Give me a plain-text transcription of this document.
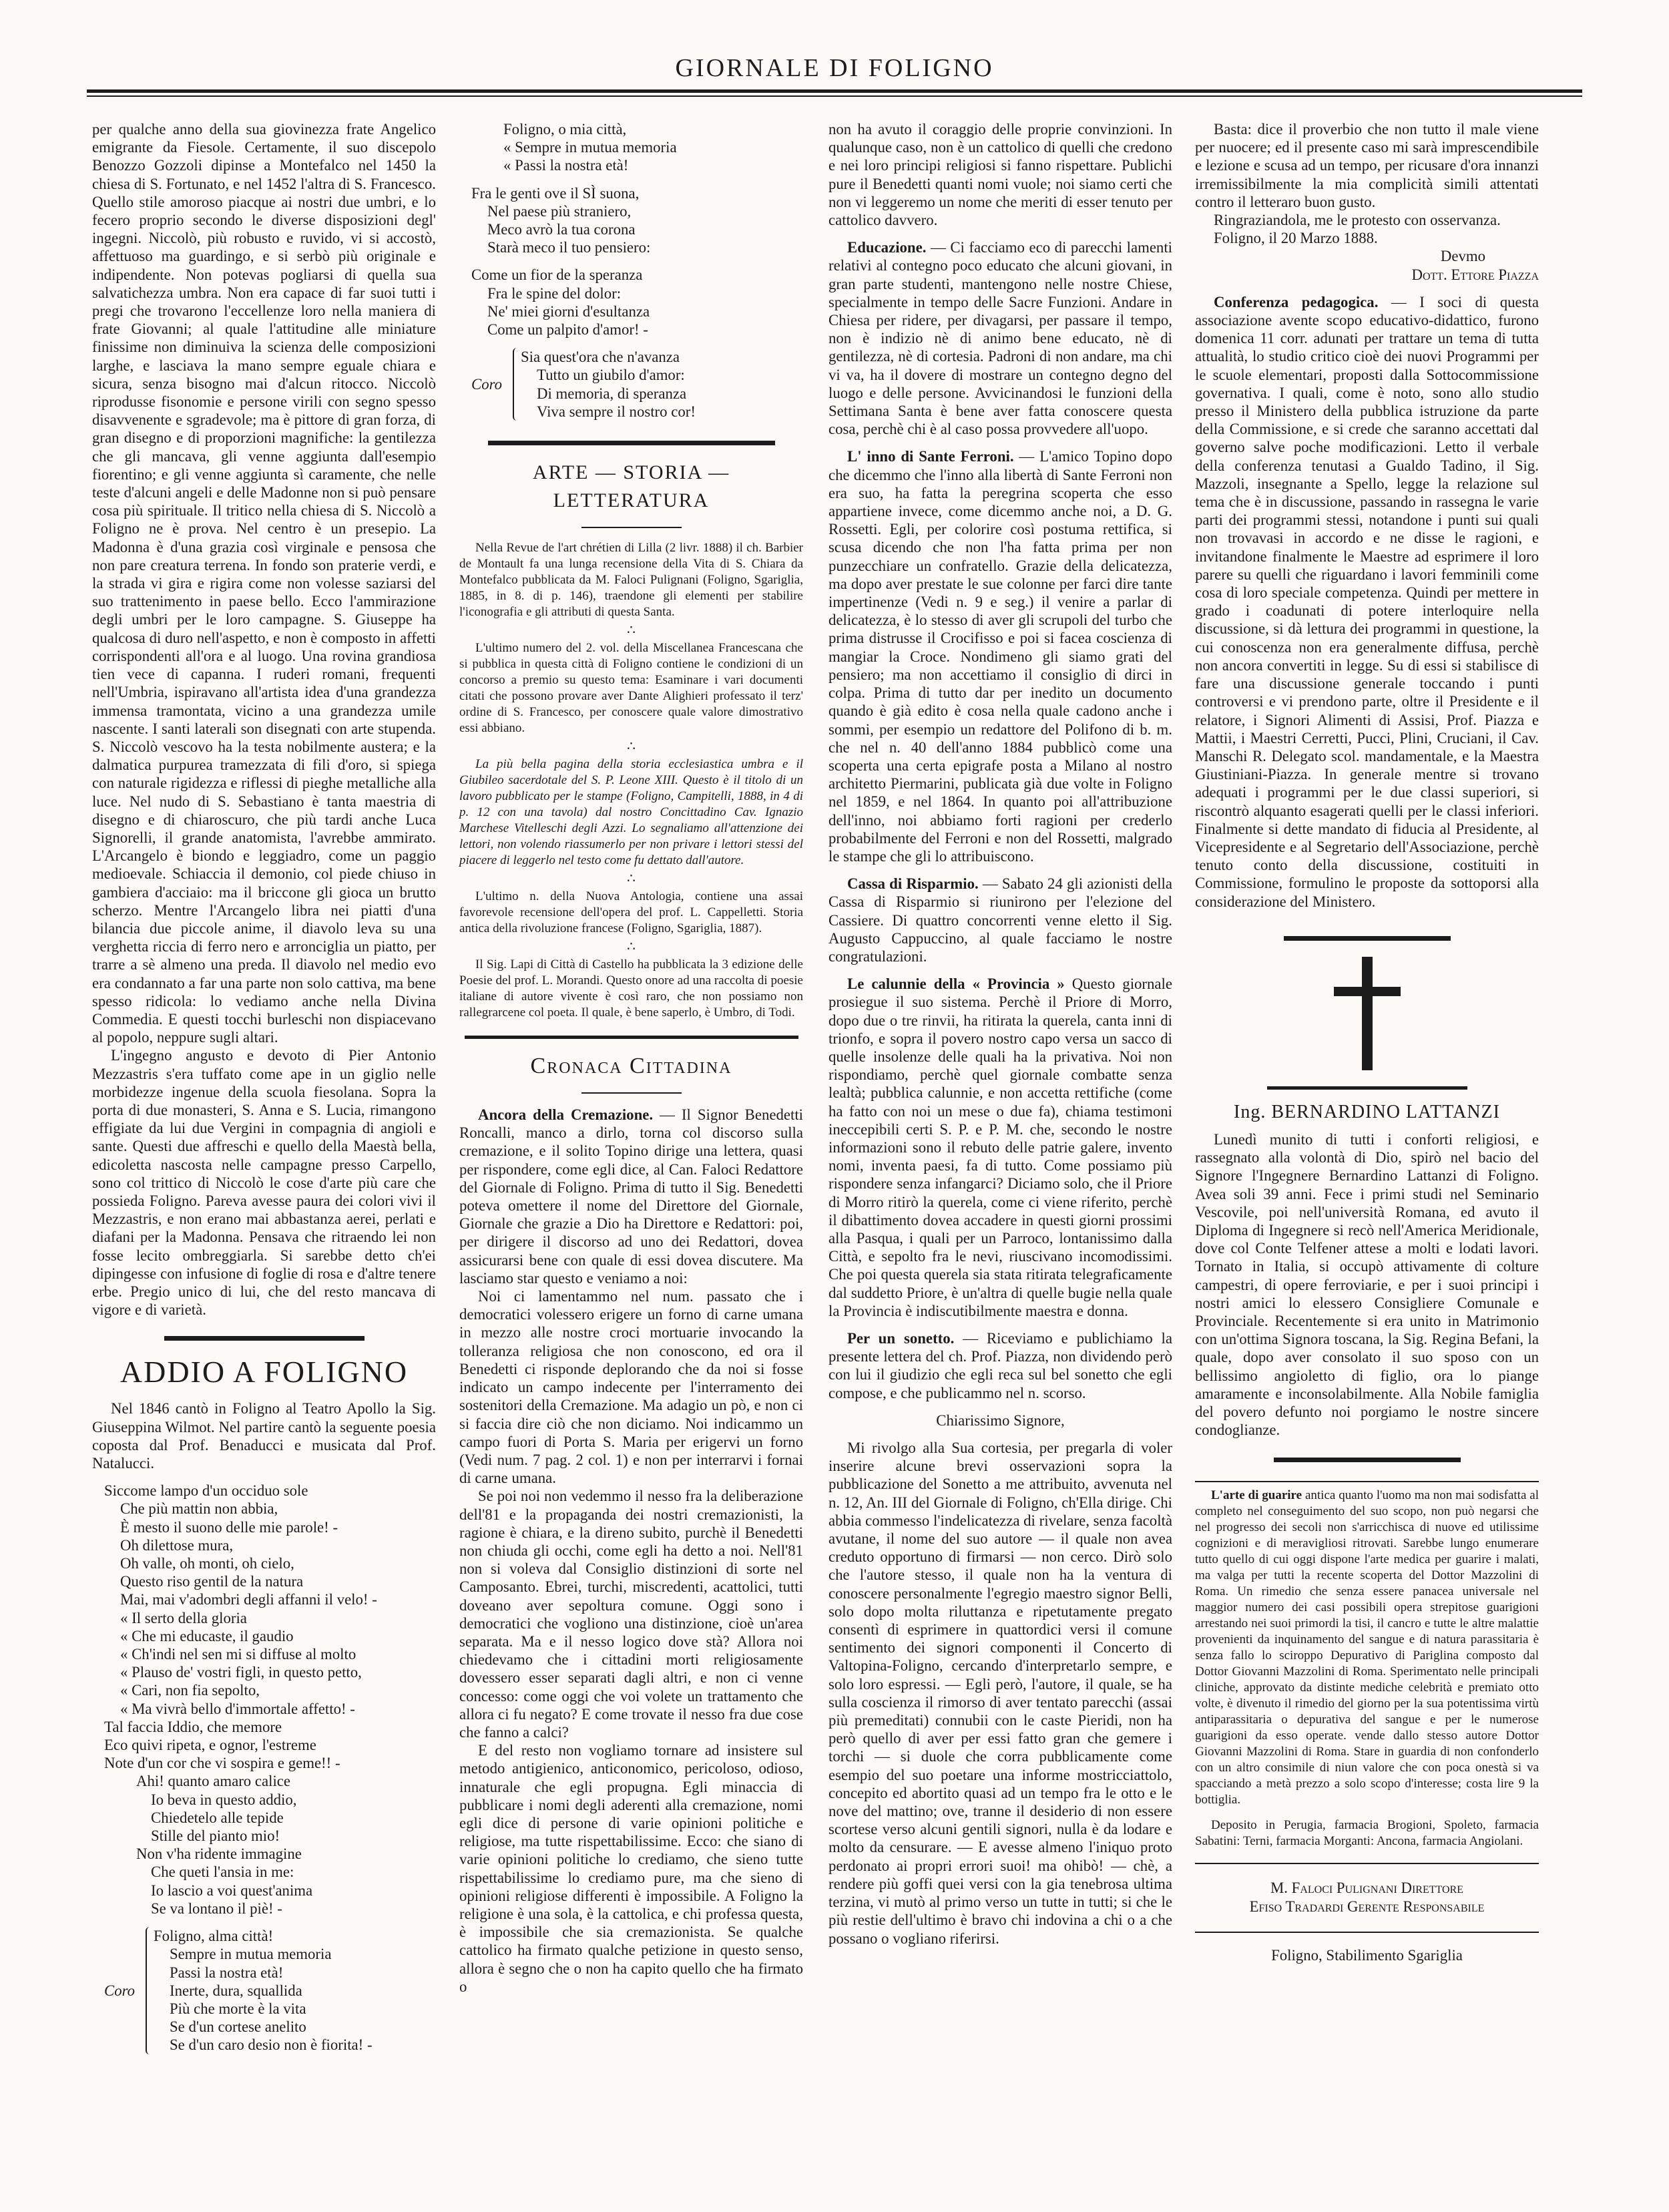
GIORNALE DI FOLIGNO

per qualche anno della sua giovinezza frate Angelico emigrante da Fiesole. Certamente, il suo discepolo Benozzo Gozzoli dipinse a Montefalco nel 1450 la chiesa di S. Fortunato, e nel 1452 l'altra di S. Francesco. Quello stile amoroso piacque ai nostri due umbri, e lo fecero proprio secondo le diverse disposizioni degl' ingegni. Niccolò, più robusto e ruvido, vi si accostò, affettuoso ma guardingo, e si serbò più originale e indipendente. Non potevas pogliarsi di quella sua salvatichezza umbra. Non era capace di far suoi tutti i pregi che trovarono l'eccellenze loro nella maniera di frate Giovanni; al quale l'attitudine alle miniature finissime non diminuiva la scienza delle composizioni larghe, e lasciava la mano sempre eguale chiara e sicura, senza bisogno mai d'alcun ritocco. Niccolò riprodusse fisonomie e persone virili con segno spesso disavvenente e sgradevole; ma è pittore di gran forza, di gran disegno e di proporzioni magnifiche: la gentilezza che gli mancava, gli venne aggiunta dall'esempio fiorentino; e gli venne aggiunta sì caramente, che nelle teste d'alcuni angeli e delle Madonne non si può pensare cosa più spirituale. Il tritico nella chiesa di S. Niccolò a Foligno ne è prova. Nel centro è un presepio. La Madonna è d'una grazia così virginale e pensosa che non pare creatura terrena. In fondo son praterie verdi, e la strada vi gira e rigira come non volesse saziarsi del suo trattenimento in paese bello. Ecco l'ammirazione degli umbri per le loro campagne. S. Giuseppe ha qualcosa di duro nell'aspetto, e non è composto in affetti corrispondenti all'ora e al luogo. Una rovina grandiosa tien vece di capanna. I ruderi romani, frequenti nell'Umbria, ispiravano all'artista idea d'una grandezza immensa tramontata, vicino a una grandezza umile nascente. I santi laterali son disegnati con arte stupenda. S. Niccolò vescovo ha la testa nobilmente austera; e la dalmatica purpurea tramezzata di fili d'oro, si spiega con naturale rigidezza e riflessi di pieghe metalliche alla luce. Nel nudo di S. Sebastiano è tanta maestria di disegno e di chiaroscuro, che più tardi anche Luca Signorelli, il grande anatomista, l'avrebbe ammirato. L'Arcangelo è biondo e leggiadro, come un paggio medioevale. Schiaccia il demonio, col piede chiuso in gambiera d'acciaio: ma il briccone gli gioca un brutto scherzo. Mentre l'Arcangelo libra nei piatti d'una bilancia due piccole anime, il diavolo leva su una verghetta riccia di ferro nero e arronciglia un piatto, per trarre a sè almeno una preda. Il diavolo nel medio evo era condannato a far una parte non solo cattiva, ma bene spesso ridicola: lo vediamo anche nella Divina Commedia. E questi tocchi burleschi non dispiacevano al popolo, neppure sugli altari.

L'ingegno angusto e devoto di Pier Antonio Mezzastris s'era tuffato come ape in un giglio nelle morbidezze ingenue della scuola fiesolana. Sopra la porta di due monasteri, S. Anna e S. Lucia, rimangono effigiate da lui due Vergini in compagnia di angioli e sante. Questi due affreschi e quello della Maestà bella, edicoletta nascosta nelle campagne presso Carpello, sono col trittico di Niccolò le cose d'arte più care che possieda Foligno. Pareva avesse paura dei colori vivi il Mezzastris, e non erano mai abbastanza aerei, perlati e diafani per la Madonna. Pensava che ritraendo lei non fosse lecito ombreggiarla. Si sarebbe detto ch'ei dipingesse con infusione di foglie di rosa e d'altre tenere erbe. Pregio unico di lui, che del resto mancava di vigore e di varietà.

ADDIO A FOLIGNO

Nel 1846 cantò in Foligno al Teatro Apollo la Sig. Giuseppina Wilmot. Nel partire cantò la seguente poesia coposta dal Prof. Benaducci e musicata dal Prof. Natalucci.

Siccome lampo d'un occiduo sole
Che più mattin non abbia,
È mesto il suono delle mie parole! -
Oh dilettose mura,
Oh valle, oh monti, oh cielo,
Questo riso gentil de la natura
Mai, mai v'adombri degli affanni il velo! -
« Il serto della gloria
« Che mi educaste, il gaudio
« Ch'indi nel sen mi si diffuse al molto
« Plauso de' vostri figli, in questo petto,
« Cari, non fia sepolto,
« Ma vivrà bello d'immortale affetto! -
Tal faccia Iddio, che memore
Eco quivi ripeta, e ognor, l'estreme
Note d'un cor che vi sospira e geme!! -
Ahi! quanto amaro calice
Io beva in questo addio,
Chiedetelo alle tepide
Stille del pianto mio!
Non v'ha ridente immagine
Che queti l'ansia in me:
Io lascio a voi quest'anima
Se va lontano il piè! -
Coro
Foligno, alma città!
Sempre in mutua memoria
Passi la nostra età!
Inerte, dura, squallida
Più che morte è la vita
Se d'un cortese anelito
Se d'un caro desio non è fiorita! -
Foligno, o mia città,
« Sempre in mutua memoria
« Passi la nostra età!
Fra le genti ove il SÌ suona,
Nel paese più straniero,
Meco avrò la tua corona
Starà meco il tuo pensiero:
Come un fior de la speranza
Fra le spine del dolor:
Ne' miei giorni d'esultanza
Come un palpito d'amor! -
Coro
Sia quest'ora che n'avanza
Tutto un giubilo d'amor:
Di memoria, di speranza
Viva sempre il nostro cor!
ARTE — STORIA — LETTERATURA

Nella Revue de l'art chrétien di Lilla (2 livr. 1888) il ch. Barbier de Montault fa una lunga recensione della Vita di S. Chiara da Montefalco pubblicata da M. Faloci Pulignani (Foligno, Sgariglia, 1885, in 8. di p. 146), traendone gli elementi per stabilire l'iconografia e gli attributi di questa Santa.

∴

L'ultimo numero del 2. vol. della Miscellanea Francescana che si pubblica in questa città di Foligno contiene le condizioni di un concorso a premio su questo tema: Esaminare i vari documenti citati che possono provare aver Dante Alighieri professato il terz' ordine di S. Francesco, per conoscere quale valore dimostrativo essi abbiano.

∴

La più bella pagina della storia ecclesiastica umbra e il Giubileo sacerdotale del S. P. Leone XIII. Questo è il titolo di un lavoro pubblicato per le stampe (Foligno, Campitelli, 1888, in 4 di p. 12 con una tavola) dal nostro Concittadino Cav. Ignazio Marchese Vitelleschi degli Azzi. Lo segnaliamo all'attenzione dei lettori, non volendo riassumerlo per non privare i lettori stessi del piacere di leggerlo nel testo come fu dettato dall'autore.

∴

L'ultimo n. della Nuova Antologia, contiene una assai favorevole recensione dell'opera del prof. L. Cappelletti. Storia antica della rivoluzione francese (Foligno, Sgariglia, 1887).

∴

Il Sig. Lapi di Città di Castello ha pubblicata la 3 edizione delle Poesie del prof. L. Morandi. Questo onore ad una raccolta di poesie italiane di autore vivente è così raro, che non possiamo non rallegrarcene col poeta. Il quale, è bene saperlo, è Umbro, di Todi.

Cronaca Cittadina

Ancora della Cremazione. — Il Signor Benedetti Roncalli, manco a dirlo, torna col discorso sulla cremazione, e il solito Topino dirige una lettera, quasi per rispondere, come egli dice, al Can. Faloci Redattore del Giornale di Foligno. Prima di tutto il Sig. Benedetti poteva omettere il nome del Direttore del Giornale, Giornale che grazie a Dio ha Direttore e Redattori: poi, per dirigere il discorso ad uno dei Redattori, dovea assicurarsi bene con quale di essi dovea discutere. Ma lasciamo star questo e veniamo a noi:

Noi ci lamentammo nel num. passato che i democratici volessero erigere un forno di carne umana in mezzo alle nostre croci mortuarie invocando la tolleranza religiosa che non conoscono, ed ora il Benedetti ci risponde deplorando che da noi si fosse indicato un campo indecente per l'interramento dei sostenitori della Cremazione. Ma adagio un pò, e non ci si faccia dire ciò che non diciamo. Noi indicammo un campo fuori di Porta S. Maria per erigervi un forno (Vedi num. 7 pag. 2 col. 1) e non per interrarvi i fornai di carne umana.

Se poi noi non vedemmo il nesso fra la deliberazione dell'81 e la propaganda dei nostri cremazionisti, la ragione è chiara, e la direno subito, purchè il Benedetti non chiuda gli occhi, come egli ha detto a noi. Nell'81 non si voleva dal Consiglio distinzioni di sorte nel Camposanto. Ebrei, turchi, miscredenti, acattolici, tutti doveano aver sepoltura comune. Oggi sono i democratici che vogliono una distinzione, cioè un'area separata. Ma e il nesso logico dove stà? Allora noi chiedevamo che i cittadini morti religiosamente dovessero esser separati dagli altri, e non ci venne concesso: come oggi che voi volete un trattamento che allora ci fu negato? E come trovate il nesso fra due cose che fanno a calci?

E del resto non vogliamo tornare ad insistere sul metodo antigienico, anticonomico, pericoloso, odioso, innaturale che egli propugna. Egli minaccia di pubblicare i nomi degli aderenti alla cremazione, nomi egli dice di persone di varie opinioni politiche e religiose, ma tutte rispettabilissime. Ecco: che siano di varie opinioni politiche lo crediamo, che sieno tutte rispettabilissime lo crediamo pure, ma che sieno di opinioni religiose differenti è impossibile. A Foligno la religione è una sola, è la cattolica, e chi professa questa, è impossibile che sia cremazionista. Se qualche cattolico ha firmato qualche petizione in questo senso, allora è segno che o non ha capito quello che ha firmato o

non ha avuto il coraggio delle proprie convinzioni. In qualunque caso, non è un cattolico di quelli che credono e nei loro principi religiosi si fanno rispettare. Publichi pure il Benedetti quanti nomi vuole; noi siamo certi che non vi leggeremo un nome che meriti di esser tenuto per cattolico davvero.

Educazione. — Ci facciamo eco di parecchi lamenti relativi al contegno poco educato che alcuni giovani, in gran parte studenti, mantengono nelle nostre Chiese, specialmente in tempo delle Sacre Funzioni. Andare in Chiesa per ridere, per divagarsi, per passare il tempo, non è indizio nè di animo bene educato, nè di gentilezza, nè di cortesia. Padroni di non andare, ma chi vi va, ha il dovere di mostrare un contegno degno del luogo e delle persone. Avvicinandosi le funzioni della Settimana Santa è bene aver fatta conoscere questa cosa, perchè chi è al caso possa provvedere all'uopo.

L' inno di Sante Ferroni. — L'amico Topino dopo che dicemmo che l'inno alla libertà di Sante Ferroni non era suo, ha fatta la peregrina scoperta che esso appartiene invece, come dicemmo anche noi, a D. G. Rossetti. Egli, per colorire così postuma rettifica, si scusa dicendo che non l'ha fatta prima per non punzecchiare un confratello. Grazie della delicatezza, ma dopo aver prestate le sue colonne per farci dire tante impertinenze (Vedi n. 9 e seg.) il venire a parlar di delicatezza, è lo stesso di aver gli scrupoli del turbo che prima distrusse il Crocifisso e poi si facea coscienza di mangiar la Croce. Nondimeno gli siamo grati del pensiero; ma non accettiamo il consiglio di dirci in colpa. Prima di tutto dar per inedito un documento quando è già edito è cosa nella quale cadono anche i sommi, per esempio un redattore del Polifono di b. m. che nel n. 40 dell'anno 1884 pubblicò come una scoperta una certa epigrafe posta a Milano al nostro architetto Piermarini, publicata già due volte in Foligno nel 1859, e nel 1864. In quanto poi all'attribuzione dell'inno, noi abbiamo forti ragioni per crederlo probabilmente del Ferroni e non del Rossetti, malgrado le stampe che gli lo attribuiscono.

Cassa di Risparmio. — Sabato 24 gli azionisti della Cassa di Risparmio si riunirono per l'elezione del Cassiere. Di quattro concorrenti venne eletto il Sig. Augusto Cappuccino, al quale facciamo le nostre congratulazioni.

Le calunnie della « Provincia » Questo giornale prosiegue il suo sistema. Perchè il Priore di Morro, dopo due o tre rinvii, ha ritirata la querela, canta inni di trionfo, e sopra il povero nostro capo versa un sacco di quelle insolenze delle quali ha la privativa. Noi non rispondiamo, perchè quel giornale combatte senza lealtà; pubblica calunnie, e non accetta rettifiche (come ha fatto con noi un mese o due fa), chiama testimoni ineccepibili certi S. P. e P. M. che, secondo le nostre informazioni sono il rebuto delle patrie galere, invento nomi, inventa paesi, fa di tutto. Come possiamo più rispondere senza infangarci? Diciamo solo, che il Priore di Morro ritirò la querela, come ci viene riferito, perchè il dibattimento dovea accadere in questi giorni prossimi alla Pasqua, i quali per un Parroco, lontanissimo dalla Città, e sepolto fra le nevi, riuscivano incomodissimi. Che poi questa querela sia stata ritirata telegraficamente dal suddetto Priore, è un'altra di quelle bugie nella quale la Provincia è indiscutibilmente maestra e donna.

Per un sonetto. — Riceviamo e publichiamo la presente lettera del ch. Prof. Piazza, non dividendo però con lui il giudizio che egli reca sul bel sonetto che egli compose, e che publicammo nel n. scorso.

Chiarissimo Signore,

Mi rivolgo alla Sua cortesia, per pregarla di voler inserire alcune brevi osservazioni sopra la pubblicazione del Sonetto a me attribuito, avvenuta nel n. 12, An. III del Giornale di Foligno, ch'Ella dirige. Chi abbia commesso l'indelicatezza di rivelare, senza facoltà avutane, il nome del suo autore — il quale non avea creduto opportuno di firmarsi — non cerco. Dirò solo che l'autore stesso, il quale non ha la ventura di conoscere personalmente l'egregio maestro signor Belli, solo dopo molta riluttanza e ripetutamente pregato consentì di esprimere in quattordici versi il comune sentimento dei signori componenti il Concerto di Valtopina-Foligno, cercando d'interpretarlo sempre, e solo loro espressi. — Egli però, l'autore, il quale, se ha sulla coscienza il rimorso di aver tentato parecchi (assai più premeditati) connubii con le caste Pieridi, non ha però quello di aver per essi fatto gran che gemere i torchi — si duole che corra pubblicamente come esempio del suo poetare una informe mostricciattolo, concepito ed abortito quasi ad un tempo fra le otto e le nove del mattino; ove, tranne il desiderio di non essere scortese verso alcuni gentili signori, nulla è da lodare e molto da censurare. — E avesse almeno l'iniquo proto perdonato ai propri errori suoi! ma ohibò! — chè, a rendere più goffi quei versi con la gia tenebrosa ultima terzina, vi mutò al primo verso un tutte in tutti; si che le più restie dell'ultimo è bravo chi indovina a chi o a che possano o vogliano riferirsi.

Basta: dice il proverbio che non tutto il male viene per nuocere; ed il presente caso mi sarà imprescendibile e lezione e scusa ad un tempo, per ricusare d'ora innanzi irremissibilmente la mia complicità simili attentati contro il letteraro buon gusto.

Ringraziandola, me le protesto con osservanza.

Foligno, il 20 Marzo 1888.

Devmo
Dott. Ettore Piazza

Conferenza pedagogica. — I soci di questa associazione avente scopo educativo-didattico, furono domenica 11 corr. adunati per trattare un tema di tutta attualità, lo studio critico cioè dei nuovi Programmi per le scuole elementari, proposti dalla Sottocommissione governativa. I quali, come è noto, sono allo studio presso il Ministero della pubblica istruzione da parte della Commissione, e si crede che saranno accettati dal governo salve poche modificazioni. Letto il verbale della conferenza tenutasi a Gualdo Tadino, il Sig. Mazzoli, insegnante a Spello, legge la relazione sul tema che è in discussione, passando in rassegna le varie parti dei programmi stessi, notandone i punti sui quali non trovavasi in accordo e ne disse le ragioni, e invitandone finalmente le Maestre ad esprimere il loro parere su quelli che riguardano i lavori femminili come cosa di loro speciale competenza. Quindi per mettere in grado i coadunati di potere interloquire nella discussione, si dà lettura dei programmi in questione, la cui conoscenza non era generalmente diffusa, perchè non ancora convertiti in legge. Su di essi si stabilisce di fare una discussione generale toccando i punti controversi e vi prendono parte, oltre il Presidente e il relatore, i Signori Alimenti di Assisi, Prof. Piazza e Mattii, i Maestri Cerretti, Pucci, Plini, Cruciani, il Cav. Manschi R. Delegato scol. mandamentale, e la Maestra Giustiniani-Piazza. In generale mentre si trovano adequati i programmi per le due classi superiori, si riscontrò alquanto esagerati quelli per le classi inferiori. Finalmente si dette mandato di fiducia al Presidente, al Vicepresidente e al Segretario dell'Associazione, perchè tenuto conto della discussione, costituiti in Commissione, formulino le proposte da sottoporsi alla considerazione del Ministero.

Ing. BERNARDINO LATTANZI

Lunedì munito di tutti i conforti religiosi, e rassegnato alla volontà di Dio, spirò nel bacio del Signore l'Ingegnere Bernardino Lattanzi di Foligno. Avea soli 39 anni. Fece i primi studi nel Seminario Vescovile, poi nell'università Romana, ed avuto il Diploma di Ingegnere si recò nell'America Meridionale, dove col Conte Telfener attese a molti e lodati lavori. Tornato in Italia, si occupò attivamente di colture campestri, di opere ferroviarie, e per i suoi principi i nostri amici lo elessero Consigliere Comunale e Provinciale. Recentemente si era unito in Matrimonio con un'ottima Signora toscana, la Sig. Regina Befani, la quale, dopo aver consolato il suo sposo con un bellissimo angioletto di figlio, ora lo piange amaramente e inconsolabilmente. Alla Nobile famiglia del povero defunto noi porgiamo le nostre sincere condoglianze.

L'arte di guarire antica quanto l'uomo ma non mai sodisfatta al completo nel conseguimento del suo scopo, non può negarsi che nel progresso dei secoli non s'arricchisca di nuove ed utilissime cognizioni e di meravigliosi ritrovati. Sarebbe lungo enumerare tutto quello di cui oggi dispone l'arte medica per guarire i malati, ma valga per tutti la recente scoperta del Dottor Mazzolini di Roma. Un rimedio che senza essere panacea universale nel maggior numero dei casi possibili opera strepitose guarigioni arrestando nei suoi primordi la tisi, il cancro e tutte le altre malattie provenienti da inquinamento del sangue e di natura parassitaria è senza fallo lo sciroppo Depurativo di Pariglina composto dal Dottor Giovanni Mazzolini di Roma. Sperimentato nelle principali cliniche, approvato da distinte mediche celebrità e premiato otto volte, è divenuto il rimedio del giorno per la sua potentissima virtù antiparassitaria o depurativa del sangue e per le numerose guarigioni da esso operate. vende dallo stesso autore Dottor Giovanni Mazzolini di Roma. Stare in guardia di non confonderlo con un altro consimile di niun valore che con poca onestà si va spacciando a metà prezzo a solo scopo d'interesse; costa lire 9 la bottiglia.

Deposito in Perugia, farmacia Brogioni, Spoleto, farmacia Sabatini: Terni, farmacia Morganti: Ancona, farmacia Angiolani.

M. Faloci Pulignani Direttore
Efiso Tradardi Gerente Responsabile
Foligno, Stabilimento Sgariglia
